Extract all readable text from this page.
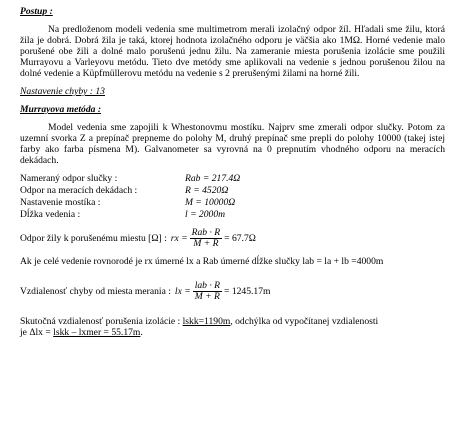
Postup :

Na predloženom modeli vedenia sme multimetrom merali izolačný odpor žíl. Hľadali sme žilu, ktorá žila je dobrá. Dobrá žila je taká, ktorej hodnota izolačného odporu je väčšia ako 1MΩ. Horné vedenie malo porušené obe žili a dolné malo porušenú jednu žilu. Na zameranie miesta porušenia izolácie sme použili Murrayovu a Varleyovu metódu. Tieto dve metódy sme aplikovali na vedenie s jednou porušenou žilou na dolné vedenie a Küpfmüllerovu metódu na vedenie s 2 prerušenými žilami na horné žili.

Nastavenie chyby : 13

Murrayova metóda :

Model vedenia sme zapojili k Whestonovmu mostíku. Najprv sme zmerali odpor slučky. Potom za uzemní svorka Z a prepínač prepneme do polohy M, druhý prepínač sme prepli do polohy 10000 (takej istej farby ako farba písmena M). Galvanometer sa vyrovná na 0 prepnutím vhodného odporu na meracích dekádach.

Nameraný odpor slučky :	Rab = 217.4Ω
Odpor na meracích dekádach :	R = 4520Ω
Nastavenie mostíka :	M = 10000Ω
Dĺžka vedenia :	l = 2000m
Odpor žily k porušenému miestu [Ω] : rx = $\frac{\text{Rab · R}}{M + R} = 67.7\Omega$

Ak je celé vedenie rovnorodé je rx úmerné lx a Rab úmerné dĺžke slučky lab = la + lb =4000m

Vzdialenosť chyby od miesta merania : lx = $\frac{\text{lab · R}}{M + R} = 1245.17m$

Skutočná vzdialenosť porušenia izolácie : lskk=1190m, odchýlka od vypočítanej vzdialenosti

je Δlx = lskk – lxmer = 55.17m.
